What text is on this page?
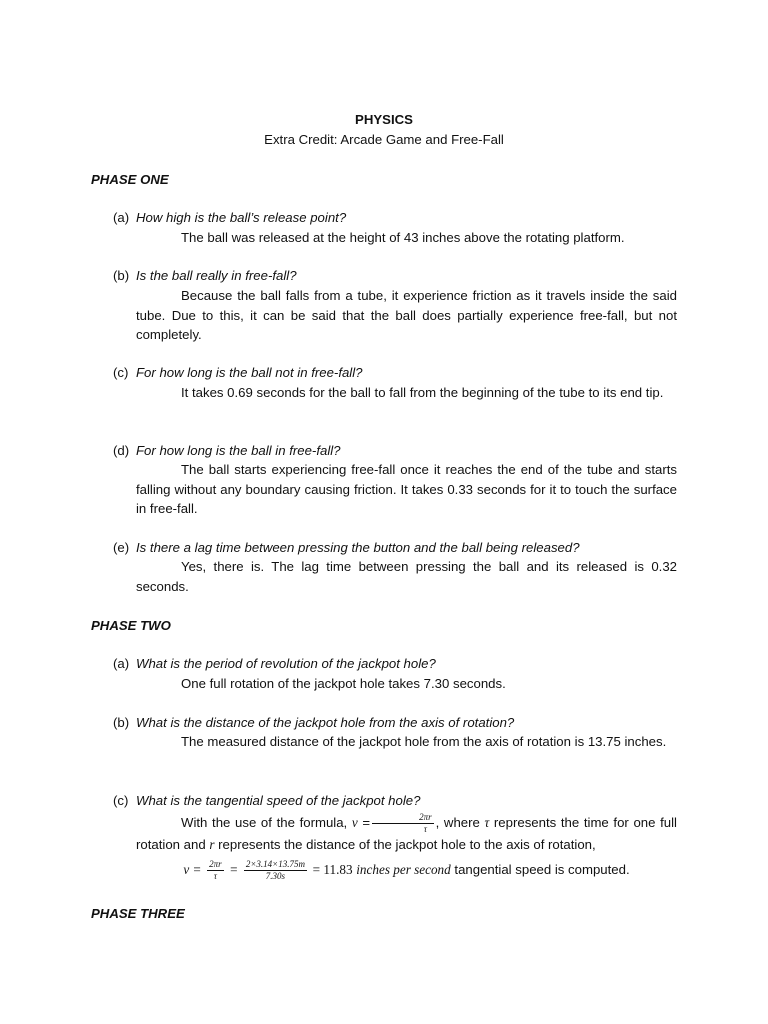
PHYSICS
Extra Credit: Arcade Game and Free-Fall
PHASE ONE
(a) How high is the ball’s release point?
The ball was released at the height of 43 inches above the rotating platform.
(b) Is the ball really in free-fall?
Because the ball falls from a tube, it experience friction as it travels inside the said tube. Due to this, it can be said that the ball does partially experience free-fall, but not completely.
(c) For how long is the ball not in free-fall?
It takes 0.69 seconds for the ball to fall from the beginning of the tube to its end tip.
(d) For how long is the ball in free-fall?
The ball starts experiencing free-fall once it reaches the end of the tube and starts falling without any boundary causing friction. It takes 0.33 seconds for it to touch the surface in free-fall.
(e) Is there a lag time between pressing the button and the ball being released?
Yes, there is. The lag time between pressing the ball and its released is 0.32 seconds.
PHASE TWO
(a) What is the period of revolution of the jackpot hole?
One full rotation of the jackpot hole takes 7.30 seconds.
(b) What is the distance of the jackpot hole from the axis of rotation?
The measured distance of the jackpot hole from the axis of rotation is 13.75 inches.
(c) What is the tangential speed of the jackpot hole?
With the use of the formula, $v = \frac{2\pi r}{\tau}$ , where τ represents the time for one full rotation and r represents the distance of the jackpot hole to the axis of rotation,
$v = \frac{2\pi r}{\tau} = \frac{2\times 3.14\times 13.75m}{7.30s} = 11.83$ inches per second tangential speed is computed.
PHASE THREE
